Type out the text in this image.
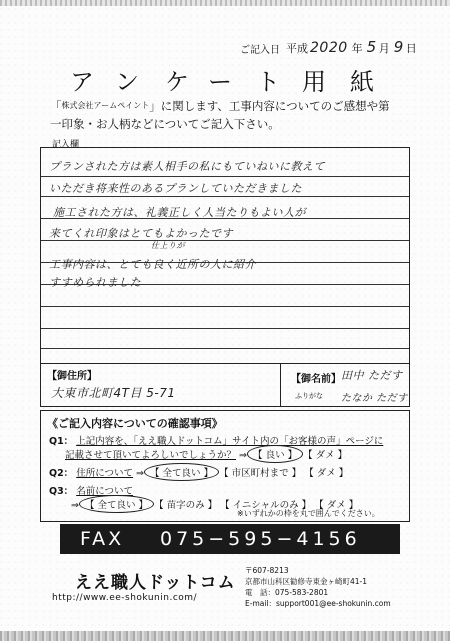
ご記入日 平成 2020 年 5 月 9 日
ア ン ケ ー ト 用 紙
「株式会社アームペイント」に関します、工事内容についてのご感想や第
一印象・お人柄などについてご記入下さい。
記入欄
プランされた方は素人相手の私にもていねいに教えて
いただき将来性のあるプランしていただきました
施工された方は、礼義正しく人当たりもよい人が
来てくれ印象はとてもよかったです
仕上りが
工事内容は、とても良く近所の人に紹介
すすめられました
【御住所】
大東市北町4T目 5-71
【御名前】 田中 ただす
ふりがな たなか ただす
《ご記入内容についての確認事項》
Q1： 上記内容を、「ええ職人ドットコム」サイト内の「お客様の声」ページに
記載させて頂いてよろしいでしょうか？ ⇒ 【 良い 】 【 ダメ 】
Q2： 住所について ⇒ 【 全て良い 】 【 市区町村まで 】 【 ダメ 】
Q3： 名前について
⇒ 【 全て良い 】 【 苗字のみ 】 【 イニシャルのみ 】 【 ダメ 】
※いずれかの枠を丸で囲んでください。
FAX 075−595−4156
ええ職人ドットコム
http://www.ee-shokunin.com/
〒607-8213
京都市山科区勧修寺東金ヶ崎町41-1
電　話：075-583-2801
E-mail：support001@ee-shokunin.com
